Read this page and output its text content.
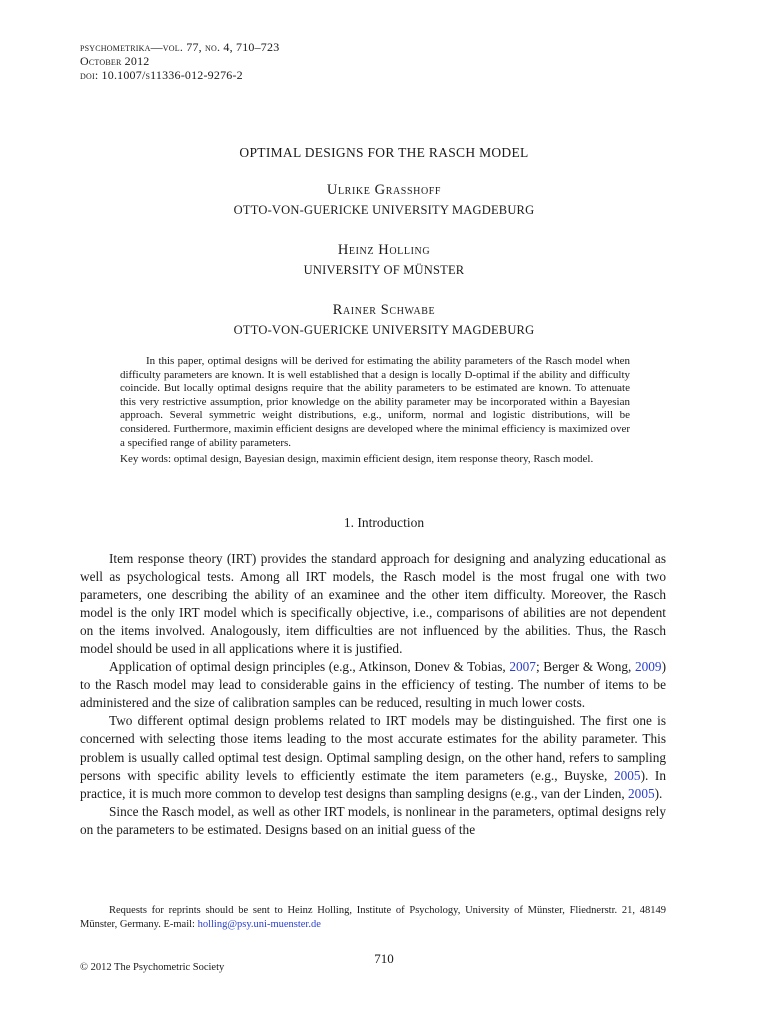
psychometrika—vol. 77, no. 4, 710–723
October 2012
doi: 10.1007/s11336-012-9276-2
OPTIMAL DESIGNS FOR THE RASCH MODEL
Ulrike Grasshoff
OTTO-VON-GUERICKE UNIVERSITY MAGDEBURG
Heinz Holling
UNIVERSITY OF MÜNSTER
Rainer Schwabe
OTTO-VON-GUERICKE UNIVERSITY MAGDEBURG

In this paper, optimal designs will be derived for estimating the ability parameters of the Rasch model when difficulty parameters are known. It is well established that a design is locally D-optimal if the ability and difficulty coincide. But locally optimal designs require that the ability parameters to be estimated are known. To attenuate this very restrictive assumption, prior knowledge on the ability parameter may be incorporated within a Bayesian approach. Several symmetric weight distributions, e.g., uniform, normal and logistic distributions, will be considered. Furthermore, maximin efficient designs are developed where the minimal efficiency is maximized over a specified range of ability parameters.

Key words: optimal design, Bayesian design, maximin efficient design, item response theory, Rasch model.
1. Introduction

Item response theory (IRT) provides the standard approach for designing and analyzing educational as well as psychological tests. Among all IRT models, the Rasch model is the most frugal one with two parameters, one describing the ability of an examinee and the other item difficulty. Moreover, the Rasch model is the only IRT model which is specifically objective, i.e., comparisons of abilities are not dependent on the items involved. Analogously, item difficulties are not influenced by the abilities. Thus, the Rasch model should be used in all applications where it is justified.

Application of optimal design principles (e.g., Atkinson, Donev & Tobias, 2007; Berger & Wong, 2009) to the Rasch model may lead to considerable gains in the efficiency of testing. The number of items to be administered and the size of calibration samples can be reduced, resulting in much lower costs.

Two different optimal design problems related to IRT models may be distinguished. The first one is concerned with selecting those items leading to the most accurate estimates for the ability parameter. This problem is usually called optimal test design. Optimal sampling design, on the other hand, refers to sampling persons with specific ability levels to efficiently estimate the item parameters (e.g., Buyske, 2005). In practice, it is much more common to develop test designs than sampling designs (e.g., van der Linden, 2005).

Since the Rasch model, as well as other IRT models, is nonlinear in the parameters, optimal designs rely on the parameters to be estimated. Designs based on an initial guess of the

Requests for reprints should be sent to Heinz Holling, Institute of Psychology, University of Münster, Fliednerstr. 21, 48149 Münster, Germany. E-mail: holling@psy.uni-muenster.de

710
© 2012 The Psychometric Society
